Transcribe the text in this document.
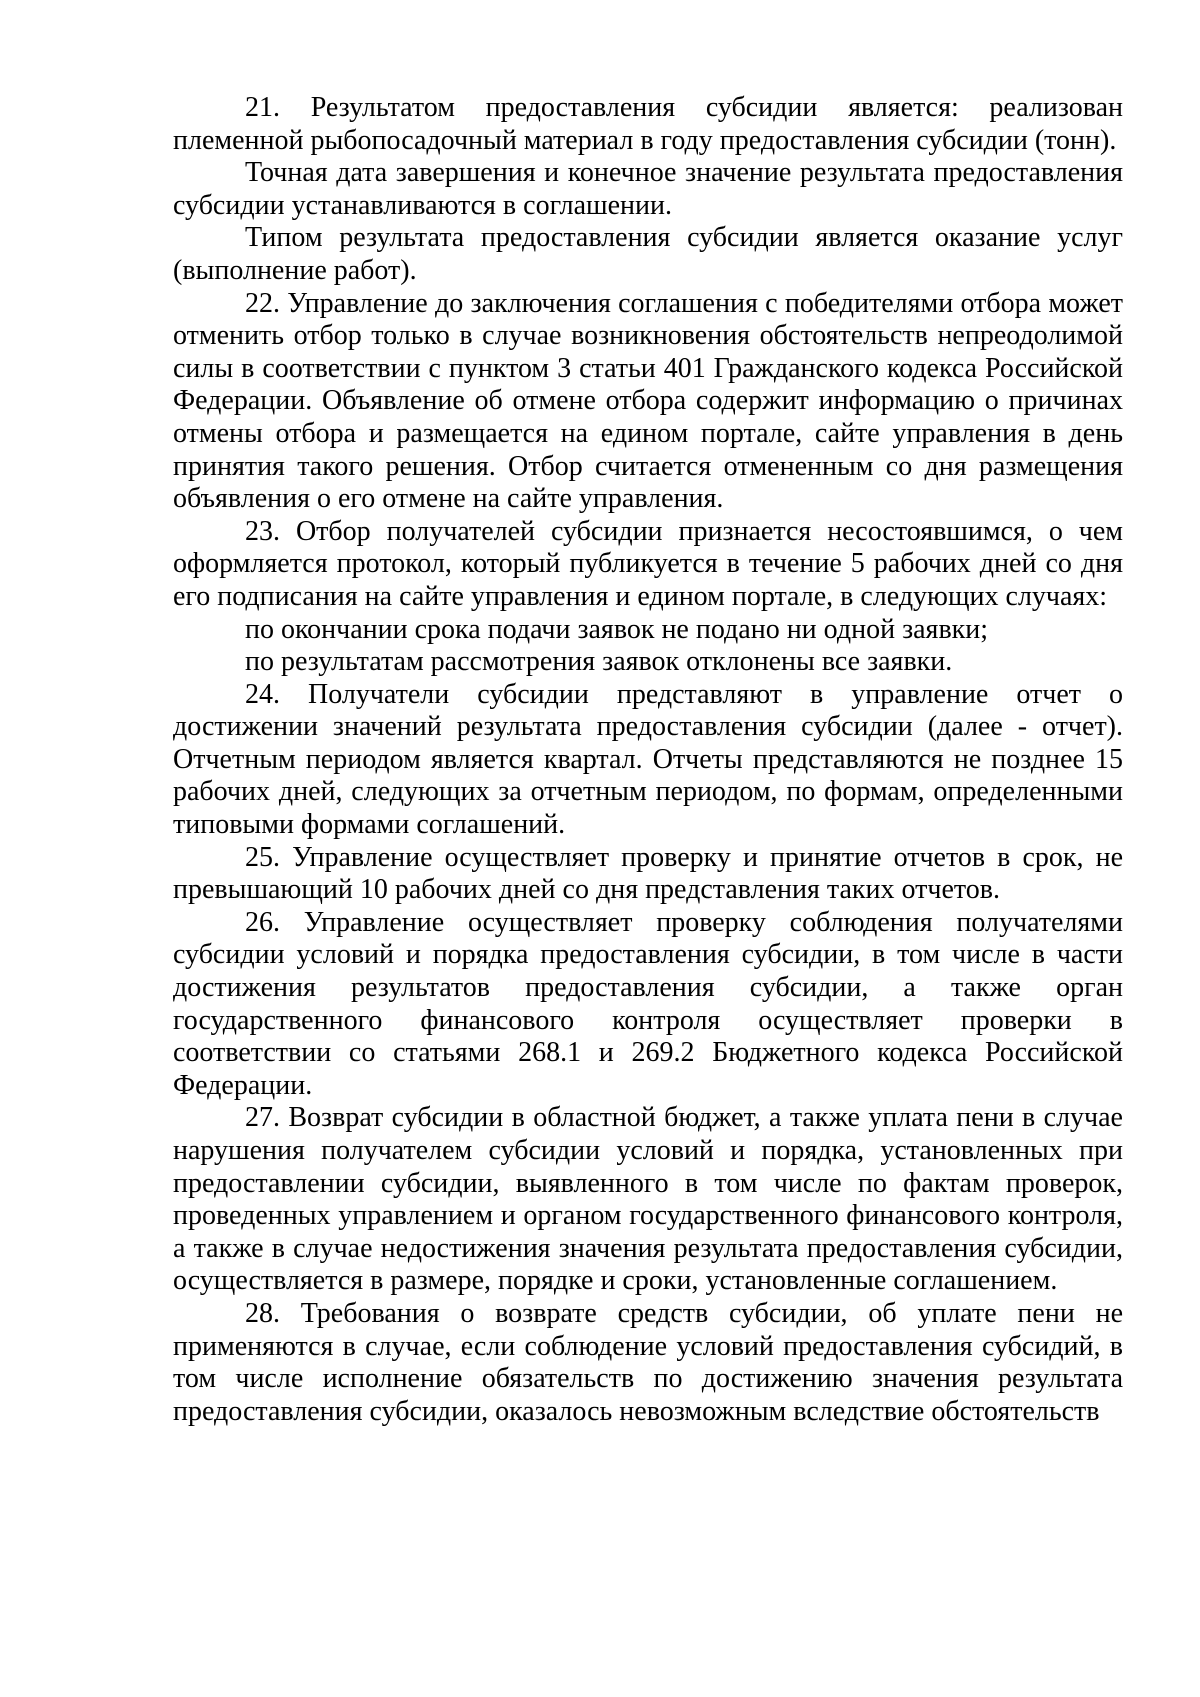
21. Результатом предоставления субсидии является: реализован племенной рыбопосадочный материал в году предоставления субсидии (тонн).

Точная дата завершения и конечное значение результата предоставления субсидии устанавливаются в соглашении.

Типом результата предоставления субсидии является оказание услуг (выполнение работ).

22. Управление до заключения соглашения с победителями отбора может отменить отбор только в случае возникновения обстоятельств непреодолимой силы в соответствии с пунктом 3 статьи 401 Гражданского кодекса Российской Федерации. Объявление об отмене отбора содержит информацию о причинах отмены отбора и размещается на едином портале, сайте управления в день принятия такого решения. Отбор считается отмененным со дня размещения объявления о его отмене на сайте управления.

23. Отбор получателей субсидии признается несостоявшимся, о чем оформляется протокол, который публикуется в течение 5 рабочих дней со дня его подписания на сайте управления и едином портале, в следующих случаях:

по окончании срока подачи заявок не подано ни одной заявки;

по результатам рассмотрения заявок отклонены все заявки.

24. Получатели субсидии представляют в управление отчет о достижении значений результата предоставления субсидии (далее - отчет). Отчетным периодом является квартал. Отчеты представляются не позднее 15 рабочих дней, следующих за отчетным периодом, по формам, определенными типовыми формами соглашений.

25. Управление осуществляет проверку и принятие отчетов в срок, не превышающий 10 рабочих дней со дня представления таких отчетов.

26. Управление осуществляет проверку соблюдения получателями субсидии условий и порядка предоставления субсидии, в том числе в части достижения результатов предоставления субсидии, а также орган государственного финансового контроля осуществляет проверки в соответствии со статьями 268.1 и 269.2 Бюджетного кодекса Российской Федерации.

27. Возврат субсидии в областной бюджет, а также уплата пени в случае нарушения получателем субсидии условий и порядка, установленных при предоставлении субсидии, выявленного в том числе по фактам проверок, проведенных управлением и органом государственного финансового контроля, а также в случае недостижения значения результата предоставления субсидии, осуществляется в размере, порядке и сроки, установленные соглашением.

28. Требования о возврате средств субсидии, об уплате пени не применяются в случае, если соблюдение условий предоставления субсидий, в том числе исполнение обязательств по достижению значения результата предоставления субсидии, оказалось невозможным вследствие обстоятельств
